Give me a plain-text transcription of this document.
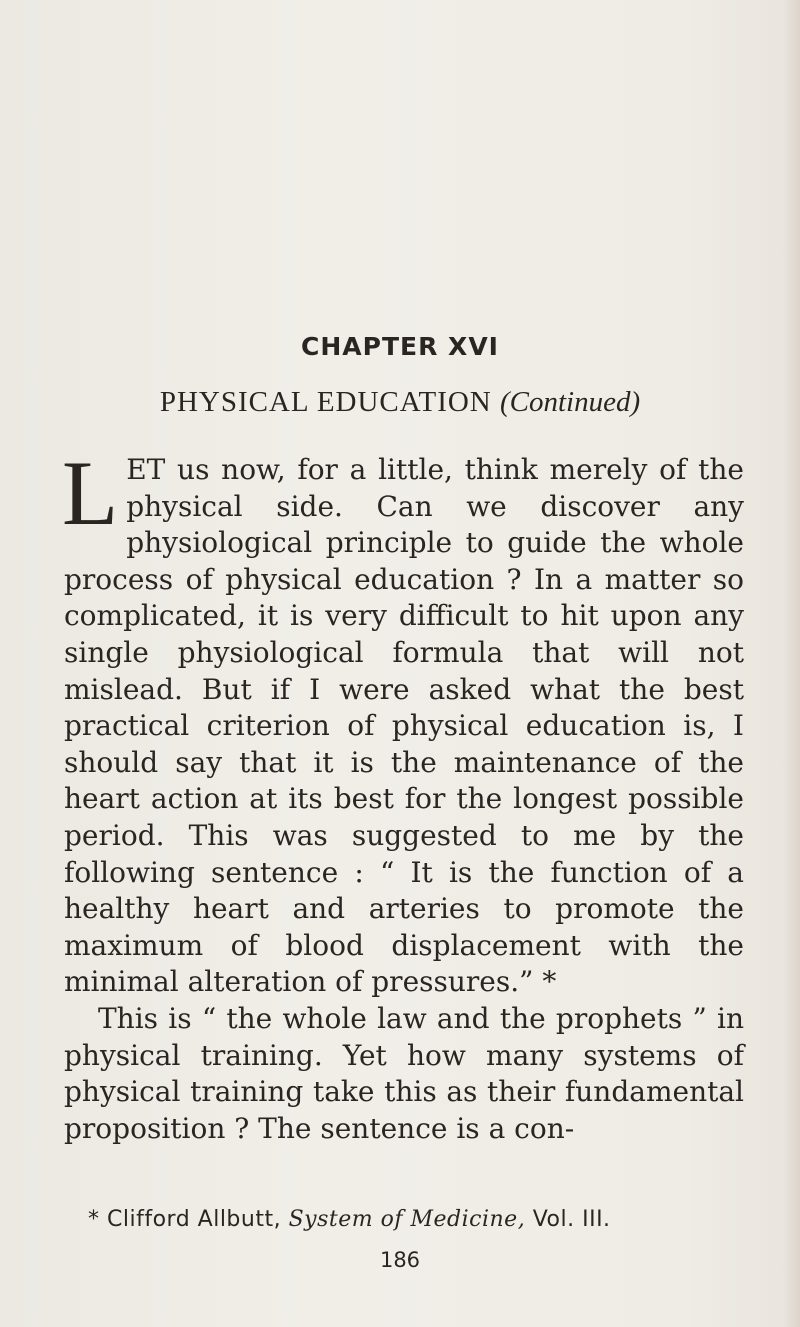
CHAPTER XVI
PHYSICAL EDUCATION (Continued)

LET us now, for a little, think merely of the physical side. Can we discover any physiological principle to guide the whole process of physical education ? In a matter so complicated, it is very difficult to hit upon any single physiological formula that will not mislead. But if I were asked what the best practical criterion of physical education is, I should say that it is the maintenance of the heart action at its best for the longest possible period. This was suggested to me by the following sentence : “ It is the function of a healthy heart and arteries to promote the maximum of blood displacement with the minimal alteration of pressures.” *

This is “ the whole law and the prophets ” in physical training. Yet how many systems of physical training take this as their fundamental proposition ? The sentence is a con-

* Clifford Allbutt, System of Medicine, Vol. III.
186
